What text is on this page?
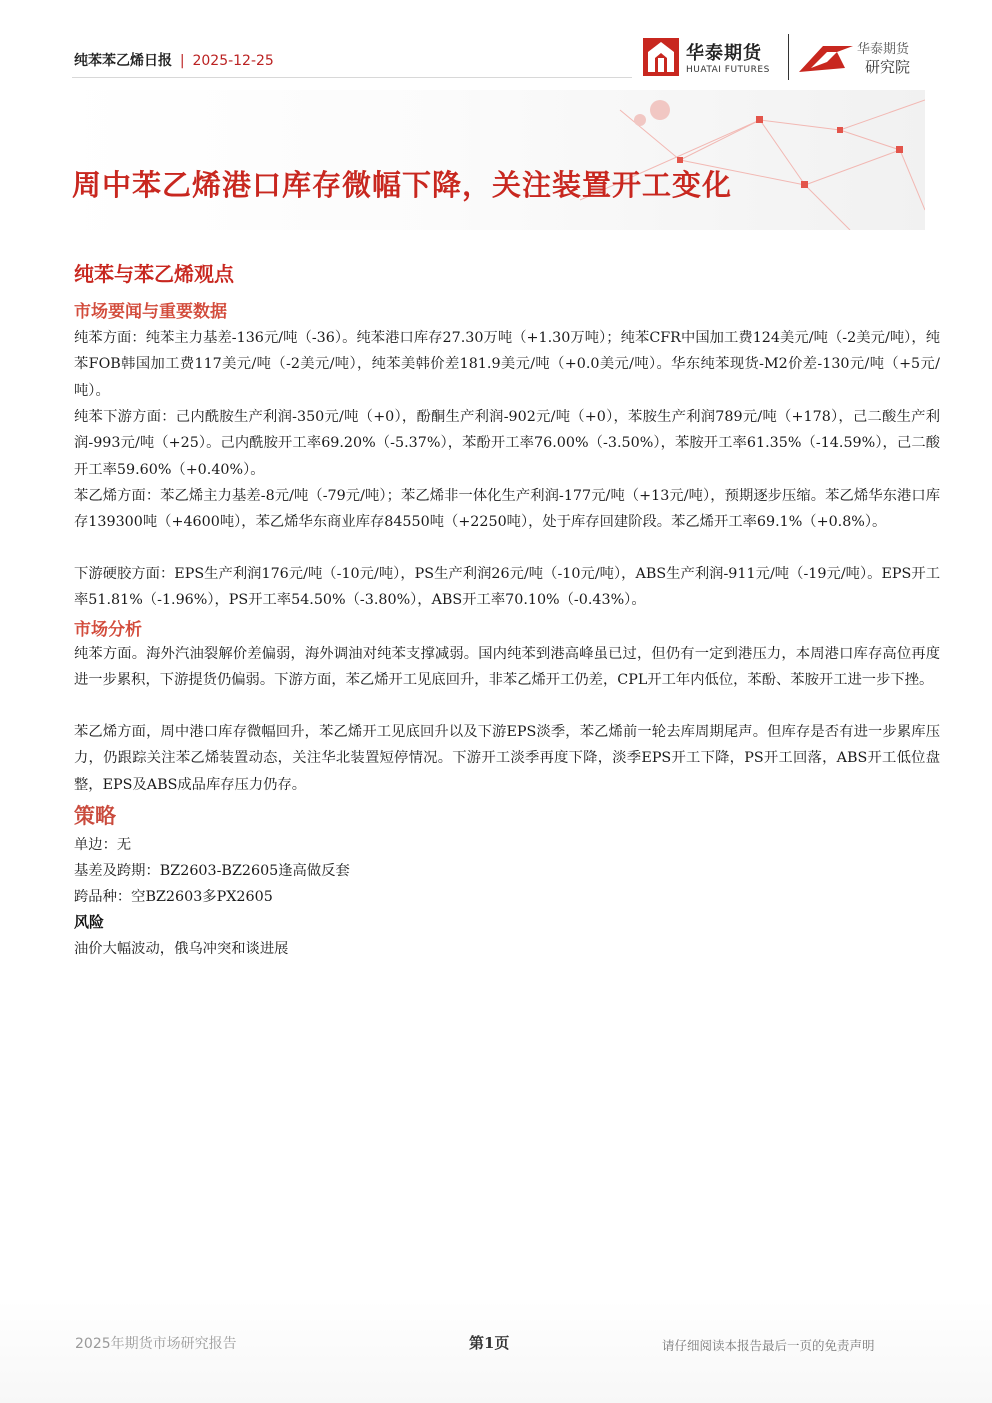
纯苯苯乙烯日报 | 2025-12-25	华泰期货
HUATAI FUTURES
华泰期货
研究院
周中苯乙烯港口库存微幅下降，关注装置开工变化
纯苯与苯乙烯观点
市场要闻与重要数据
纯苯方面：纯苯主力基差-136元/吨（-36）。纯苯港口库存27.30万吨（+1.30万吨）；纯苯CFR中国加工费124美元/吨（-2美元/吨），纯苯FOB韩国加工费117美元/吨（-2美元/吨），纯苯美韩价差181.9美元/吨（+0.0美元/吨）。华东纯苯现货-M2价差-130元/吨（+5元/吨）。
纯苯下游方面：己内酰胺生产利润-350元/吨（+0），酚酮生产利润-902元/吨（+0），苯胺生产利润789元/吨（+178），己二酸生产利润-993元/吨（+25）。己内酰胺开工率69.20%（-5.37%），苯酚开工率76.00%（-3.50%），苯胺开工率61.35%（-14.59%），己二酸开工率59.60%（+0.40%）。
苯乙烯方面：苯乙烯主力基差-8元/吨（-79元/吨）；苯乙烯非一体化生产利润-177元/吨（+13元/吨），预期逐步压缩。苯乙烯华东港口库存139300吨（+4600吨），苯乙烯华东商业库存84550吨（+2250吨），处于库存回建阶段。苯乙烯开工率69.1%（+0.8%）。
下游硬胶方面：EPS生产利润176元/吨（-10元/吨），PS生产利润26元/吨（-10元/吨），ABS生产利润-911元/吨（-19元/吨）。EPS开工率51.81%（-1.96%），PS开工率54.50%（-3.80%），ABS开工率70.10%（-0.43%）。
市场分析
纯苯方面。海外汽油裂解价差偏弱，海外调油对纯苯支撑减弱。国内纯苯到港高峰虽已过，但仍有一定到港压力，本周港口库存高位再度进一步累积，下游提货仍偏弱。下游方面，苯乙烯开工见底回升，非苯乙烯开工仍差，CPL开工年内低位，苯酚、苯胺开工进一步下挫。
苯乙烯方面，周中港口库存微幅回升，苯乙烯开工见底回升以及下游EPS淡季，苯乙烯前一轮去库周期尾声。但库存是否有进一步累库压力，仍跟踪关注苯乙烯装置动态，关注华北装置短停情况。下游开工淡季再度下降，淡季EPS开工下降，PS开工回落，ABS开工低位盘整，EPS及ABS成品库存压力仍存。
策略
单边：无
基差及跨期：BZ2603-BZ2605逢高做反套
跨品种：空BZ2603多PX2605
风险
油价大幅波动，俄乌冲突和谈进展
2025年期货市场研究报告	第1页	请仔细阅读本报告最后一页的免责声明
